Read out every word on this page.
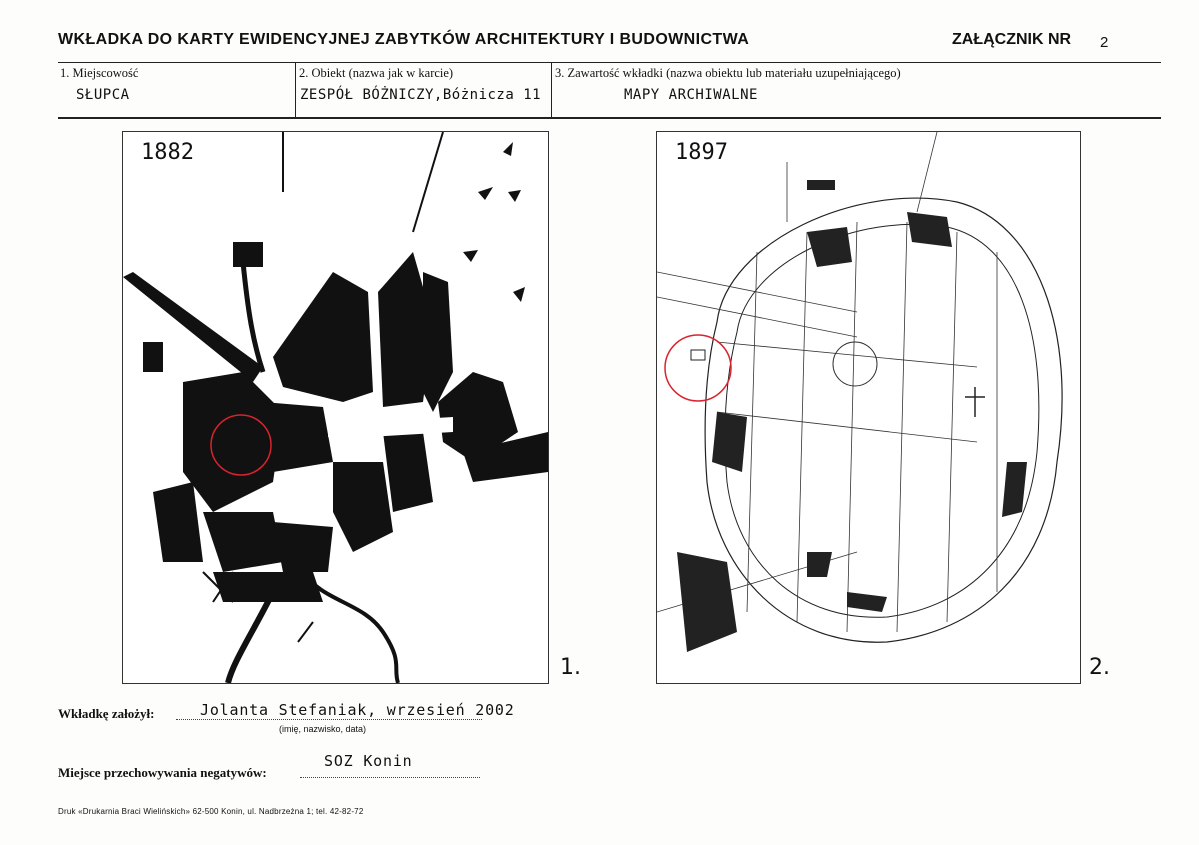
WKŁADKA DO KARTY EWIDENCYJNEJ ZABYTKÓW ARCHITEKTURY I BUDOWNICTWA	ZAŁĄCZNIK NR 2
1. Miejscowość
SŁUPCA
2. Obiekt (nazwa jak w karcie)
ZESPÓŁ BÓŻNICZY,Bóżnicza 11
3. Zawartość wkładki (nazwa obiektu lub materiału uzupełniającego)
MAPY ARCHIWALNE
1882
1.
1897
2.
Wkładkę założył:	Jolanta Stefaniak, wrzesień 2002
(imię, nazwisko, data)
Miejsce przechowywania negatywów:
SOZ Konin
Druk «Drukarnia Braci Wielińskich» 62-500 Konin, ul. Nadbrzeżna 1; tel. 42-82-72
